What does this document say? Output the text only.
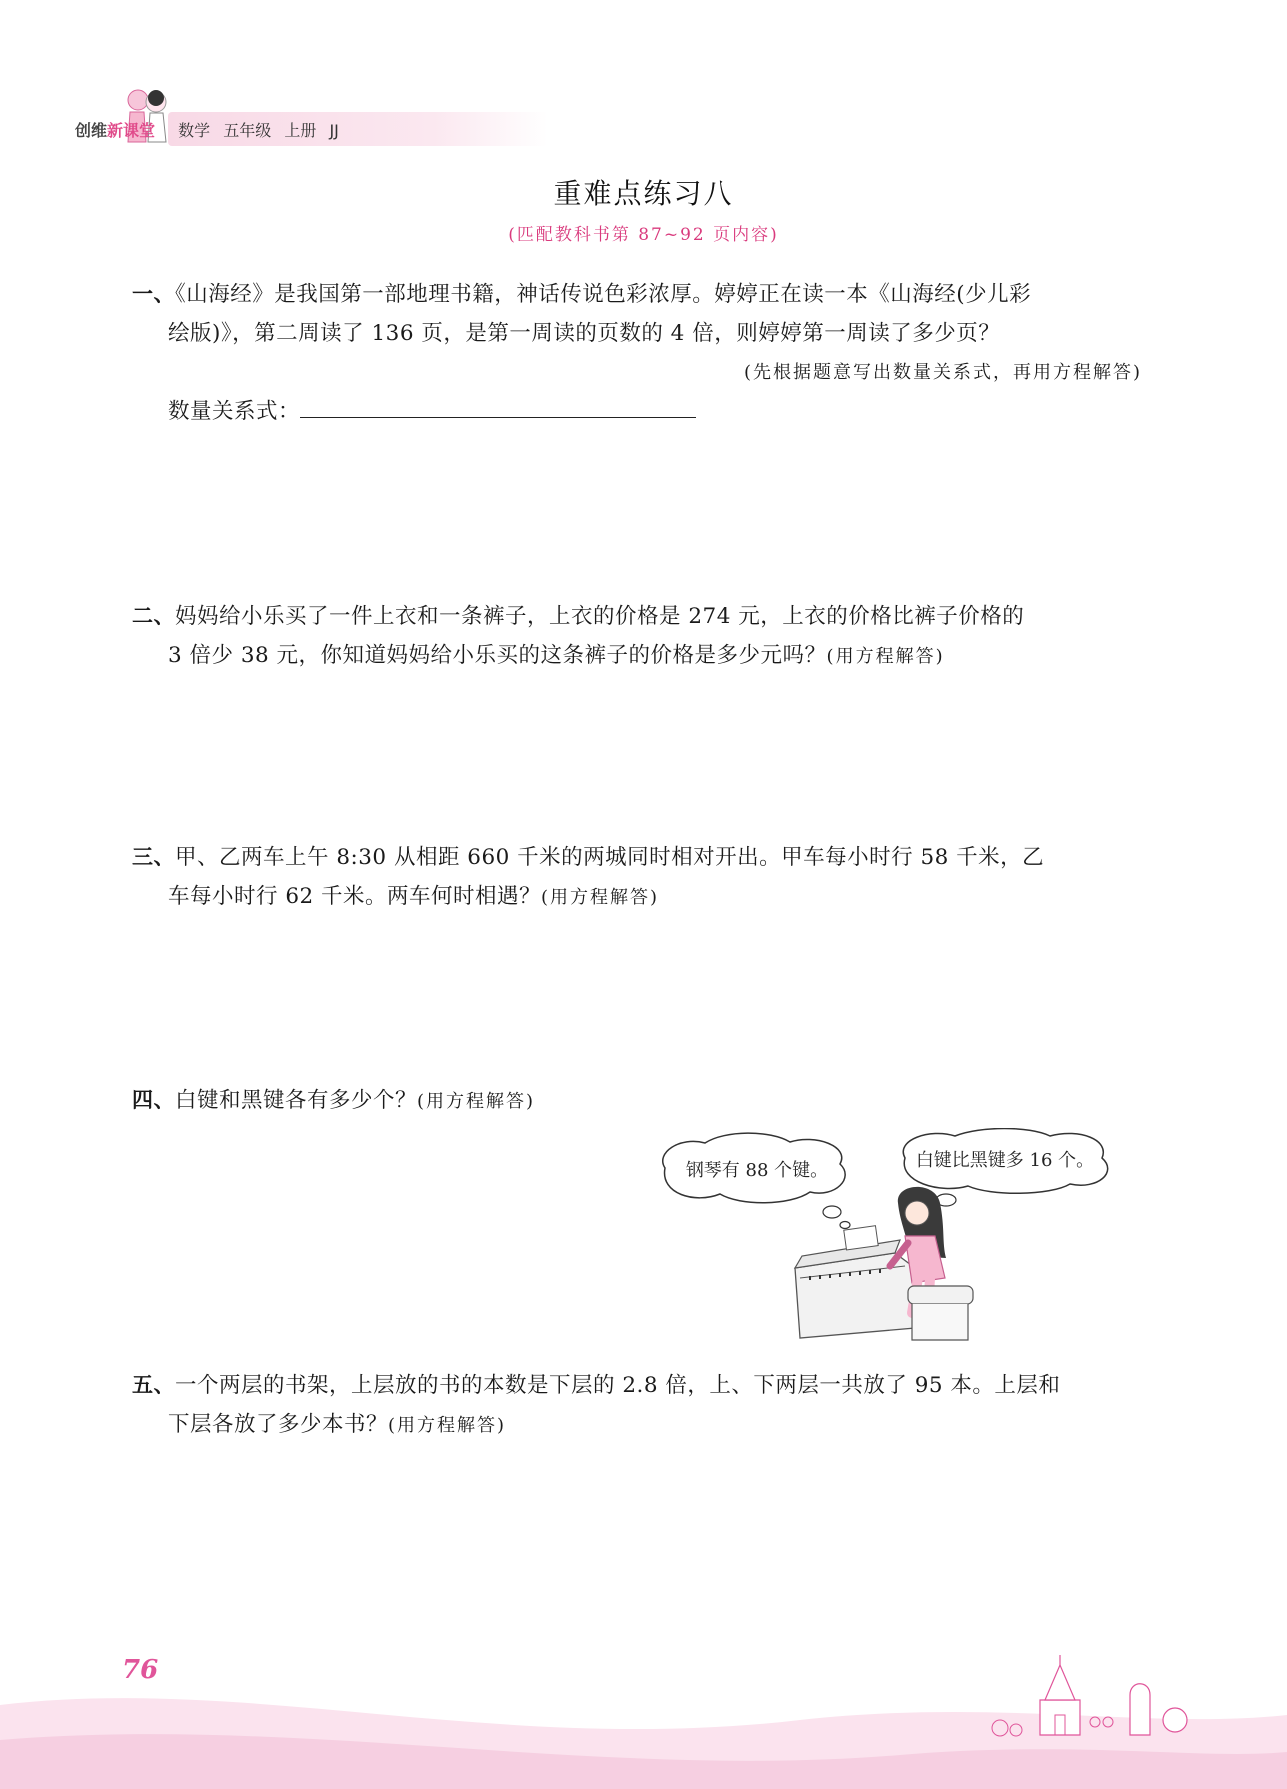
创维新课堂 数学 五年级 上册 JJ
重难点练习八
(匹配教科书第 87~92 页内容)
一、《山海经》是我国第一部地理书籍，神话传说色彩浓厚。婷婷正在读一本《山海经(少儿彩
绘版)》，第二周读了 136 页，是第一周读的页数的 4 倍，则婷婷第一周读了多少页？
(先根据题意写出数量关系式，再用方程解答)
数量关系式：
二、妈妈给小乐买了一件上衣和一条裤子，上衣的价格是 274 元，上衣的价格比裤子价格的
3 倍少 38 元，你知道妈妈给小乐买的这条裤子的价格是多少元吗？(用方程解答)
三、甲、乙两车上午 8:30 从相距 660 千米的两城同时相对开出。甲车每小时行 58 千米，乙
车每小时行 62 千米。两车何时相遇？(用方程解答)
四、白键和黑键各有多少个？(用方程解答)
钢琴有 88 个键。	白键比黑键多 16 个。
五、一个两层的书架，上层放的书的本数是下层的 2.8 倍，上、下两层一共放了 95 本。上层和
下层各放了多少本书？(用方程解答)
76
